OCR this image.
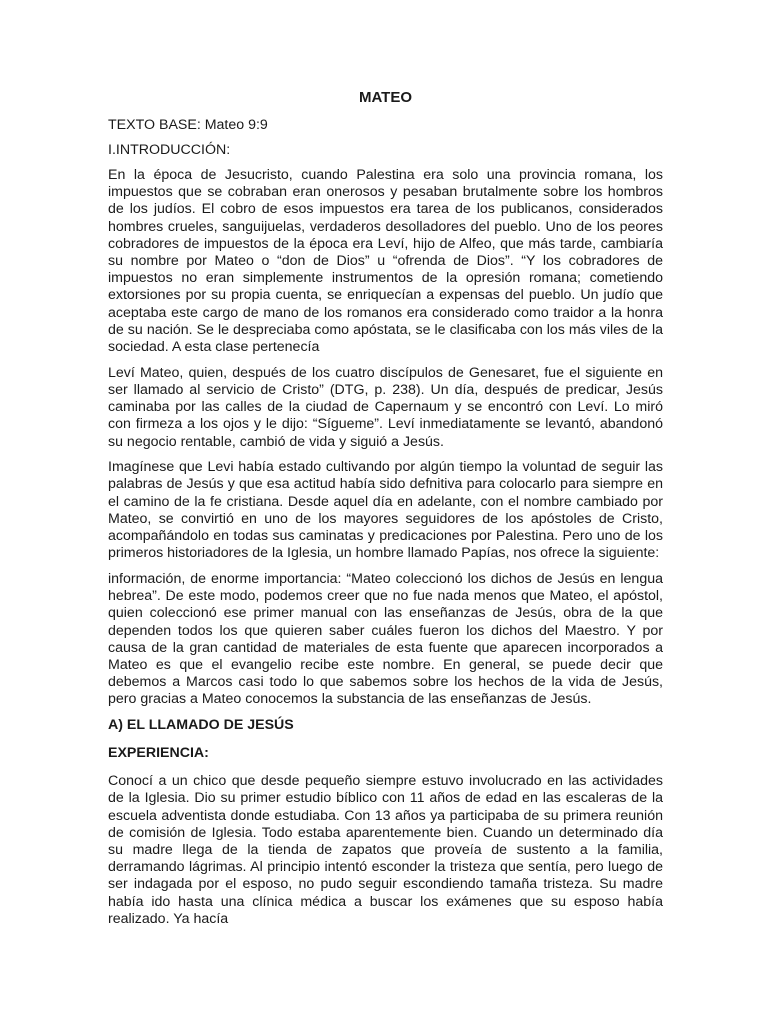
MATEO
TEXTO BASE: Mateo 9:9
I.INTRODUCCIÓN:

En la época de Jesucristo, cuando Palestina era solo una provincia romana, los impuestos que se cobraban eran onerosos y pesaban brutalmente sobre los hombros de los judíos. El cobro de esos impuestos era tarea de los publicanos, considerados hombres crueles, sanguijuelas, verdaderos desolladores del pueblo. Uno de los peores cobradores de impuestos de la época era Leví, hijo de Alfeo, que más tarde, cambiaría su nombre por Mateo o “don de Dios” u “ofrenda de Dios”. “Y los cobradores de impuestos no eran simplemente instrumentos de la opresión romana; cometiendo extorsiones por su propia cuenta, se enriquecían a expensas del pueblo. Un judío que aceptaba este cargo de mano de los romanos era considerado como traidor a la honra de su nación. Se le despreciaba como apóstata, se le clasificaba con los más viles de la sociedad. A esta clase pertenecía

Leví Mateo, quien, después de los cuatro discípulos de Genesaret, fue el siguiente en ser llamado al servicio de Cristo” (DTG, p. 238). Un día, después de predicar, Jesús caminaba por las calles de la ciudad de Capernaum y se encontró con Leví. Lo miró con firmeza a los ojos y le dijo: “Sígueme”. Leví inmediatamente se levantó, abandonó su negocio rentable, cambió de vida y siguió a Jesús.

Imagínese que Levi había estado cultivando por algún tiempo la voluntad de seguir las palabras de Jesús y que esa actitud había sido defnitiva para colocarlo para siempre en el camino de la fe cristiana. Desde aquel día en adelante, con el nombre cambiado por Mateo, se convirtió en uno de los mayores seguidores de los apóstoles de Cristo, acompañándolo en todas sus caminatas y predicaciones por Palestina. Pero uno de los primeros historiadores de la Iglesia, un hombre llamado Papías, nos ofrece la siguiente:

información, de enorme importancia: “Mateo coleccionó los dichos de Jesús en lengua hebrea”. De este modo, podemos creer que no fue nada menos que Mateo, el apóstol, quien coleccionó ese primer manual con las enseñanzas de Jesús, obra de la que dependen todos los que quieren saber cuáles fueron los dichos del Maestro. Y por causa de la gran cantidad de materiales de esta fuente que aparecen incorporados a Mateo es que el evangelio recibe este nombre. En general, se puede decir que debemos a Marcos casi todo lo que sabemos sobre los hechos de la vida de Jesús, pero gracias a Mateo conocemos la substancia de las enseñanzas de Jesús.

A) EL LLAMADO DE JESÚS
EXPERIENCIA:

Conocí a un chico que desde pequeño siempre estuvo involucrado en las actividades de la Iglesia. Dio su primer estudio bíblico con 11 años de edad en las escaleras de la escuela adventista donde estudiaba. Con 13 años ya participaba de su primera reunión de comisión de Iglesia. Todo estaba aparentemente bien. Cuando un determinado día su madre llega de la tienda de zapatos que proveía de sustento a la familia, derramando lágrimas. Al principio intentó esconder la tristeza que sentía, pero luego de ser indagada por el esposo, no pudo seguir escondiendo tamaña tristeza. Su madre había ido hasta una clínica médica a buscar los exámenes que su esposo había realizado. Ya hacía
